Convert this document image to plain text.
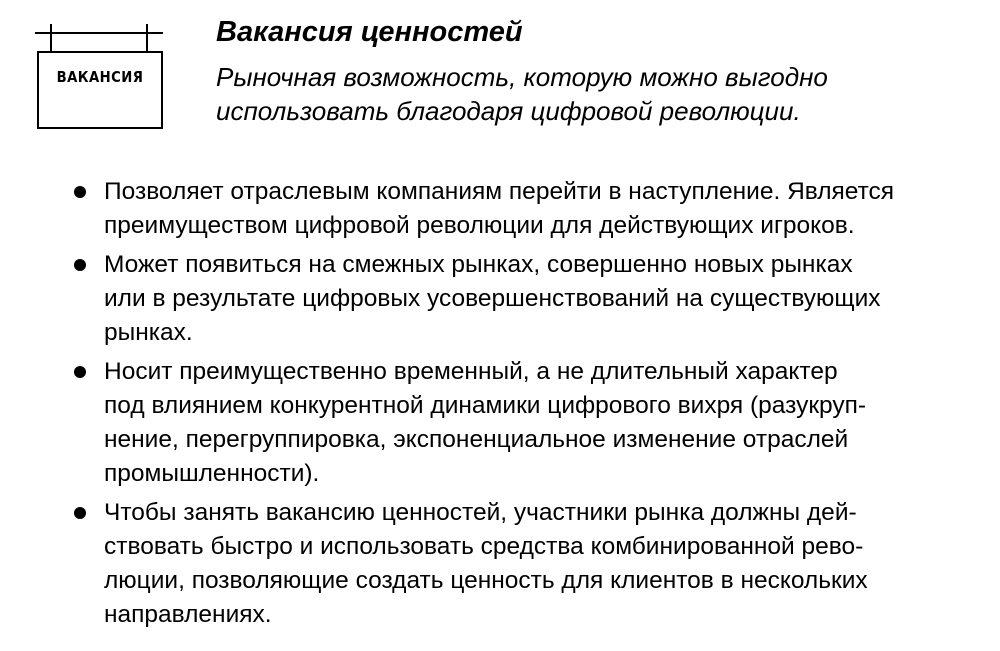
ВАКАНСИЯ
Вакансия ценностей

Рыночная возможность, которую можно выгодно
использовать благодаря цифровой революции.

Позволяет отраслевым компаниям перейти в наступление. Является
преимуществом цифровой революции для действующих игроков.
Может появиться на смежных рынках, совершенно новых рынках
или в результате цифровых усовершенствований на существующих
рынках.
Носит преимущественно временный, а не длительный характер
под влиянием конкурентной динамики цифрового вихря (разукруп-
нение, перегруппировка, экспоненциальное изменение отраслей
промышленности).
Чтобы занять вакансию ценностей, участники рынка должны дей-
ствовать быстро и использовать средства комбинированной рево-
люции, позволяющие создать ценность для клиентов в нескольких
направлениях.
